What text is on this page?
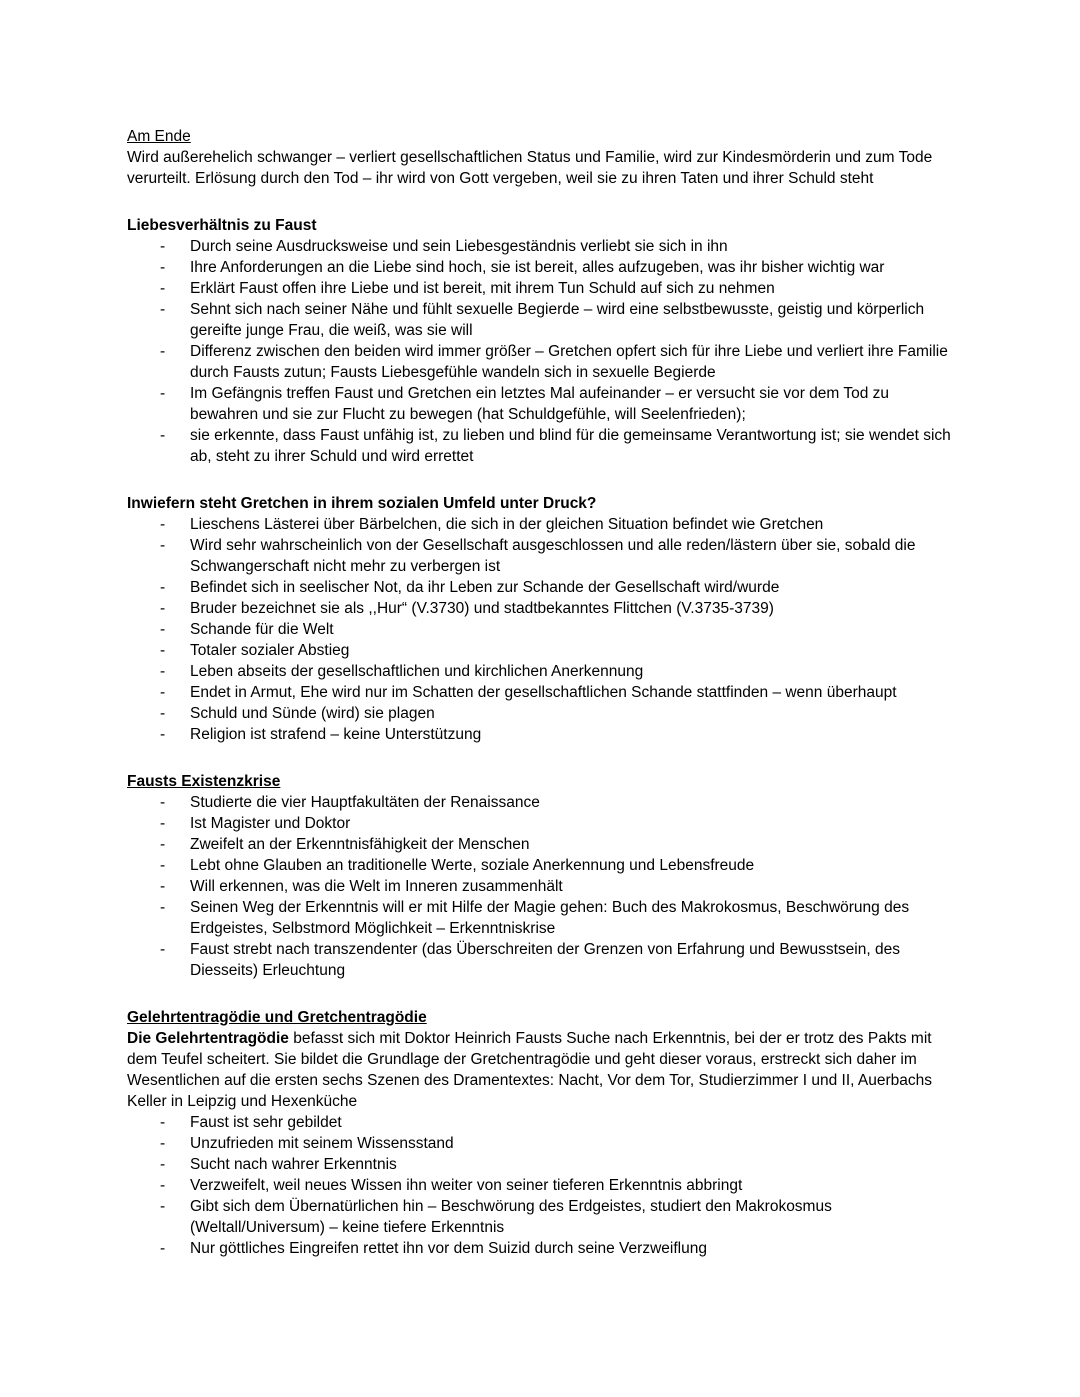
Am Ende

Wird außerehelich schwanger – verliert gesellschaftlichen Status und Familie, wird zur Kindesmörderin und zum Tode verurteilt. Erlösung durch den Tod – ihr wird von Gott vergeben, weil sie zu ihren Taten und ihrer Schuld steht

Liebesverhältnis zu Faust
-	Durch seine Ausdrucksweise und sein Liebesgeständnis verliebt sie sich in ihn
-	Ihre Anforderungen an die Liebe sind hoch, sie ist bereit, alles aufzugeben, was ihr bisher wichtig war
-	Erklärt Faust offen ihre Liebe und ist bereit, mit ihrem Tun Schuld auf sich zu nehmen
-	Sehnt sich nach seiner Nähe und fühlt sexuelle Begierde – wird eine selbstbewusste, geistig und körperlich gereifte junge Frau, die weiß, was sie will
-	Differenz zwischen den beiden wird immer größer – Gretchen opfert sich für ihre Liebe und verliert ihre Familie durch Fausts zutun; Fausts Liebesgefühle wandeln sich in sexuelle Begierde
-	Im Gefängnis treffen Faust und Gretchen ein letztes Mal aufeinander – er versucht sie vor dem Tod zu bewahren und sie zur Flucht zu bewegen (hat Schuldgefühle, will Seelenfrieden);
-	sie erkennte, dass Faust unfähig ist, zu lieben und blind für die gemeinsame Verantwortung ist; sie wendet sich ab, steht zu ihrer Schuld und wird errettet
Inwiefern steht Gretchen in ihrem sozialen Umfeld unter Druck?
-	Lieschens Lästerei über Bärbelchen, die sich in der gleichen Situation befindet wie Gretchen
-	Wird sehr wahrscheinlich von der Gesellschaft ausgeschlossen und alle reden/lästern über sie, sobald die Schwangerschaft nicht mehr zu verbergen ist
-	Befindet sich in seelischer Not, da ihr Leben zur Schande der Gesellschaft wird/wurde
-	Bruder bezeichnet sie als ,,Hur“ (V.3730) und stadtbekanntes Flittchen (V.3735-3739)
-	Schande für die Welt
-	Totaler sozialer Abstieg
-	Leben abseits der gesellschaftlichen und kirchlichen Anerkennung
-	Endet in Armut, Ehe wird nur im Schatten der gesellschaftlichen Schande stattfinden – wenn überhaupt
-	Schuld und Sünde (wird) sie plagen
-	Religion ist strafend – keine Unterstützung
Fausts Existenzkrise
-	Studierte die vier Hauptfakultäten der Renaissance
-	Ist Magister und Doktor
-	Zweifelt an der Erkenntnisfähigkeit der Menschen
-	Lebt ohne Glauben an traditionelle Werte, soziale Anerkennung und Lebensfreude
-	Will erkennen, was die Welt im Inneren zusammenhält
-	Seinen Weg der Erkenntnis will er mit Hilfe der Magie gehen: Buch des Makrokosmus, Beschwörung des Erdgeistes, Selbstmord Möglichkeit – Erkenntniskrise
-	Faust strebt nach transzendenter (das Überschreiten der Grenzen von Erfahrung und Bewusstsein, des Diesseits) Erleuchtung
Gelehrtentragödie und Gretchentragödie

Die Gelehrtentragödie befasst sich mit Doktor Heinrich Fausts Suche nach Erkenntnis, bei der er trotz des Pakts mit dem Teufel scheitert. Sie bildet die Grundlage der Gretchentragödie und geht dieser voraus, erstreckt sich daher im Wesentlichen auf die ersten sechs Szenen des Dramentextes: Nacht, Vor dem Tor, Studierzimmer I und II, Auerbachs Keller in Leipzig und Hexenküche

-	Faust ist sehr gebildet
-	Unzufrieden mit seinem Wissensstand
-	Sucht nach wahrer Erkenntnis
-	Verzweifelt, weil neues Wissen ihn weiter von seiner tieferen Erkenntnis abbringt
-	Gibt sich dem Übernatürlichen hin – Beschwörung des Erdgeistes, studiert den Makrokosmus (Weltall/Universum) – keine tiefere Erkenntnis
-	Nur göttliches Eingreifen rettet ihn vor dem Suizid durch seine Verzweiflung
